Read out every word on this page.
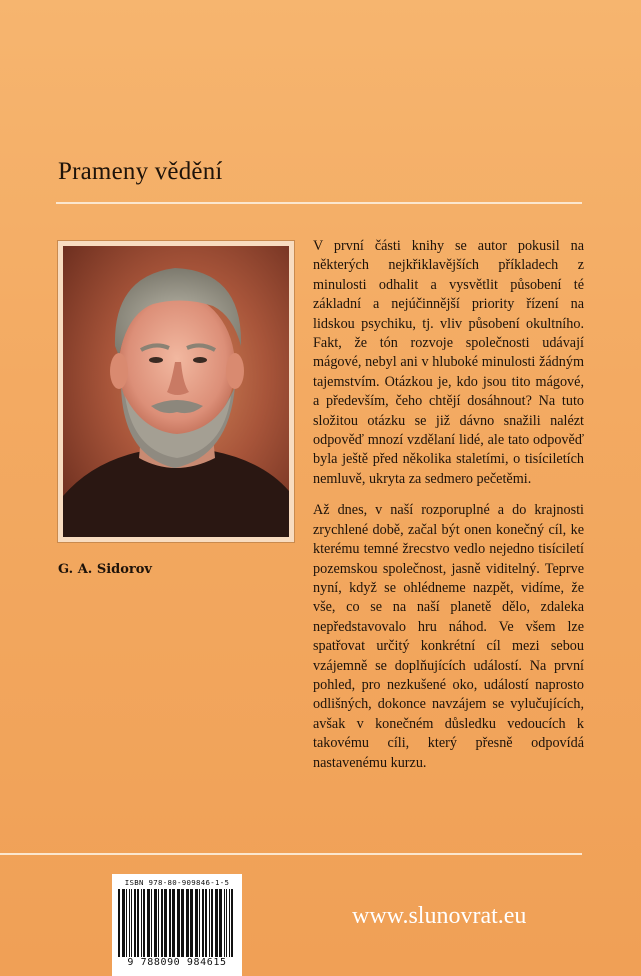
Prameny vědění

G. A. Sidorov

V první části knihy se autor pokusil na některých nejkřiklavějších příkladech z minulosti odhalit a vysvětlit působení té základní a nejúčinnější priority řízení na lidskou psychiku, tj. vliv působení okultního. Fakt, že tón rozvoje společnosti udávají mágové, nebyl ani v hluboké minulosti žádným tajemstvím. Otázkou je, kdo jsou tito mágové, a především, čeho chtějí dosáhnout? Na tuto složitou otázku se již dávno snažili nalézt odpověď mnozí vzdělaní lidé, ale tato odpověď byla ještě před několika staletími, o tisíciletích nemluvě, ukryta za sedmero pečetěmi.

Až dnes, v naší rozporuplné a do krajnosti zrychlené době, začal být onen konečný cíl, ke kterému temné žrecstvo vedlo nejedno tisíciletí pozemskou společnost, jasně viditelný. Teprve nyní, když se ohlédneme nazpět, vidíme, že vše, co se na naší planetě dělo, zdaleka nepředstavovalo hru náhod. Ve všem lze spatřovat určitý konkrétní cíl mezi sebou vzájemně se doplňujících událostí. Na první pohled, pro nezkušené oko, událostí naprosto odlišných, dokonce navzájem se vylučujících, avšak v konečném důsledku vedoucích k takovému cíli, který přesně odpovídá nastavenému kurzu.

ISBN 978-80-909846-1-5
9 788090 984615

www.slunovrat.eu
